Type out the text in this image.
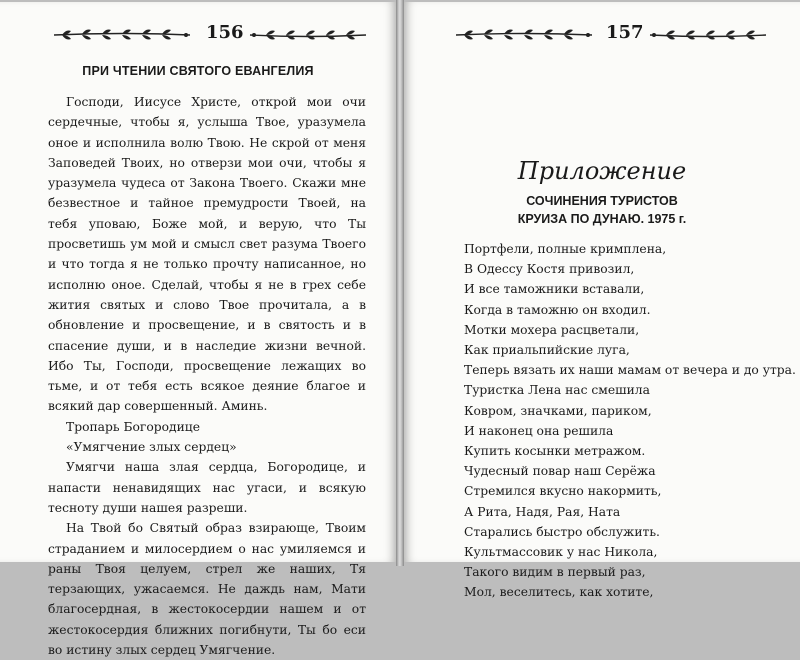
156
ПРИ ЧТЕНИИ СВЯТОГО ЕВАНГЕЛИЯ

Господи, Иисусе Христе, открой мои очи сердечные, чтобы я, услыша Твое, уразумела оное и исполнила волю Твою. Не скрой от меня Заповедей Твоих, но отверзи мои очи, чтобы я уразумела чудеса от Закона Твоего. Скажи мне безвестное и тайное премудрости Твоей, на тебя уповаю, Боже мой, и верую, что Ты просветишь ум мой и смысл свет разума Твоего и что тогда я не только прочту написанное, но исполню оное. Сделай, чтобы я не в грех себе жития святых и слово Твое прочитала, а в обновление и просвещение, и в святость и в спасение души, и в наследие жизни вечной. Ибо Ты, Господи, просвещение лежащих во тьме, и от тебя есть всякое деяние благое и всякий дар совершенный. Аминь.

Тропарь Богородице

«Умягчение злых сердец»

Умягчи наша злая сердца, Богородице, и напасти ненавидящих нас угаси, и всякую тесноту души нашея разреши.

На Твой бо Святый образ взирающе, Твоим страданием и милосердием о нас умиляемся и раны Твоя целуем, стрел же наших, Тя терзающих, ужасаемся. Не даждь нам, Мати благосердная, в жестокосердии нашем и от жестокосердия ближних погибнути, Ты бо еси во истину злых сердец Умягчение.

157
Приложение
СОЧИНЕНИЯ ТУРИСТОВ
КРУИЗА ПО ДУНАЮ. 1975 г.
Портфели, полные кримплена,
В Одессу Костя привозил,
И все таможники вставали,
Когда в таможню он входил.
Мотки мохера расцветали,
Как приальпийские луга,
Теперь вязать их наши мамам от вечера и до утра.
Туристка Лена нас смешила
Ковром, значками, париком,
И наконец она решила
Купить косынки метражом.
Чудесный повар наш Серёжа
Стремился вкусно накормить,
А Рита, Надя, Рая, Ната
Старались быстро обслужить.
Культмассовик у нас Никола,
Такого видим в первый раз,
Мол, веселитесь, как хотите,
